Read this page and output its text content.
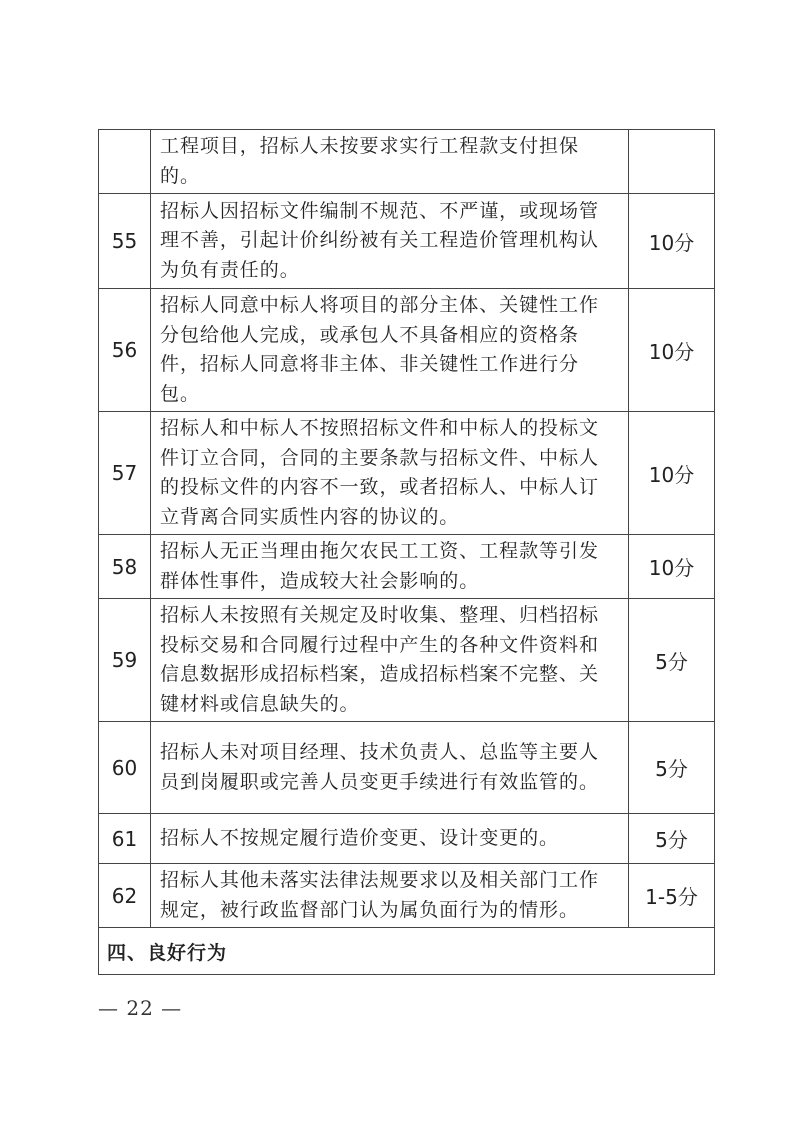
	工程项目，招标人未按要求实行工程款支付担保的。	
55	招标人因招标文件编制不规范、不严谨，或现场管理不善，引起计价纠纷被有关工程造价管理机构认为负有责任的。	10分
56	招标人同意中标人将项目的部分主体、关键性工作分包给他人完成，或承包人不具备相应的资格条件，招标人同意将非主体、非关键性工作进行分包。	10分
57	招标人和中标人不按照招标文件和中标人的投标文件订立合同，合同的主要条款与招标文件、中标人的投标文件的内容不一致，或者招标人、中标人订立背离合同实质性内容的协议的。	10分
58	招标人无正当理由拖欠农民工工资、工程款等引发群体性事件，造成较大社会影响的。	10分
59	招标人未按照有关规定及时收集、整理、归档招标投标交易和合同履行过程中产生的各种文件资料和信息数据形成招标档案，造成招标档案不完整、关键材料或信息缺失的。	5分
60	招标人未对项目经理、技术负责人、总监等主要人员到岗履职或完善人员变更手续进行有效监管的。	5分
61	招标人不按规定履行造价变更、设计变更的。	5分
62	招标人其他未落实法律法规要求以及相关部门工作规定，被行政监督部门认为属负面行为的情形。	1-5分
四、良好行为		
— 22 —
